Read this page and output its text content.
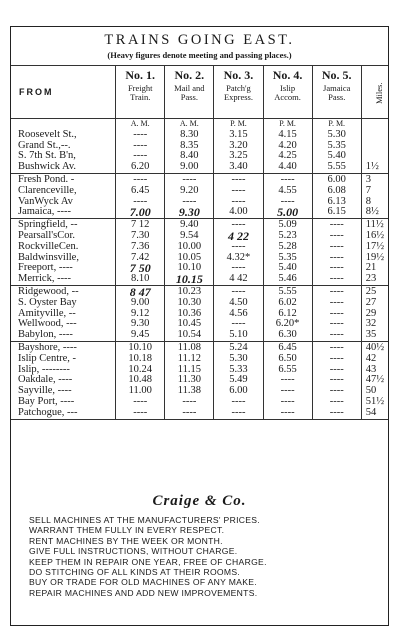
TRAINS GOING EAST.
(Heavy figures denote meeting and passing places.)
FROM	No. 1.
Freight
Train.	No. 2.
Mail and
Pass.	No. 3.
Patch'g
Express.	No. 4.
Islip
Accom.	No. 5.
Jamaica
Pass.	Miles.

	A. M.	A. M.	P. M.	P. M.	P. M.	
Roosevelt St.,	----	8.30	3.15	4.15	5.30	
Grand St.,--.	----	8.35	3.20	4.20	5.35	
S. 7th St. B'n,	----	8.40	3.25	4.25	5.40	
Bushwick Av.	6.20	9.00	3.40	4.40	5.55	1½
Fresh Pond. -	----	----	----	----	6.00	3
Clarenceville,	6.45	9.20	----	4.55	6.08	7
VanWyck Av	----	----	----	----	6.13	8
Jamaica, ----	7.00	9.30	4.00	5.00	6.15	8½
Springfield, --	7 12	9.40	----	5.09	----	11½
Pearsall'sCor.	7.30	9.54	4 22	5.23	----	16½
RockvilleCen.	7.36	10.00	----	5.28	----	17½
Baldwinsville,	7.42	10.05	4.32*	5.35	----	19½
Freeport, ----	7 50	10.10	----	5.40	----	21
Merrick, ----	8.10	10.15	4 42	5.46	----	23
Ridgewood, --	8 47	10.23	----	5.55	----	25
S. Oyster Bay	9.00	10.30	4.50	6.02	----	27
Amityville, --	9.12	10.36	4.56	6.12	----	29
Wellwood, ---	9.30	10.45	----	6.20*	----	32
Babylon, ----	9.45	10.54	5.10	6.30	----	35
Bayshore, ----	10.10	11.08	5.24	6.45	----	40½
Islip Centre, -	10.18	11.12	5.30	6.50	----	42
Islip, --------	10.24	11.15	5.33	6.55	----	43
Oakdale, ----	10.48	11.30	5.49	----	----	47½
Sayville, ----	11.00	11.38	6.00	----	----	50
Bay Port, ----	----	----	----	----	----	51½
Patchogue, ---	----	----	----	----	----	54
Craige & Co.
SELL MACHINES AT THE MANUFACTURERS' PRICES.
WARRANT THEM FULLY IN EVERY RESPECT.
RENT MACHINES BY THE WEEK OR MONTH.
GIVE FULL INSTRUCTIONS, WITHOUT CHARGE.
KEEP THEM IN REPAIR ONE YEAR, FREE OF CHARGE.
DO STITCHING OF ALL KINDS AT THEIR ROOMS.
BUY OR TRADE FOR OLD MACHINES OF ANY MAKE.
REPAIR MACHINES AND ADD NEW IMPROVEMENTS.
